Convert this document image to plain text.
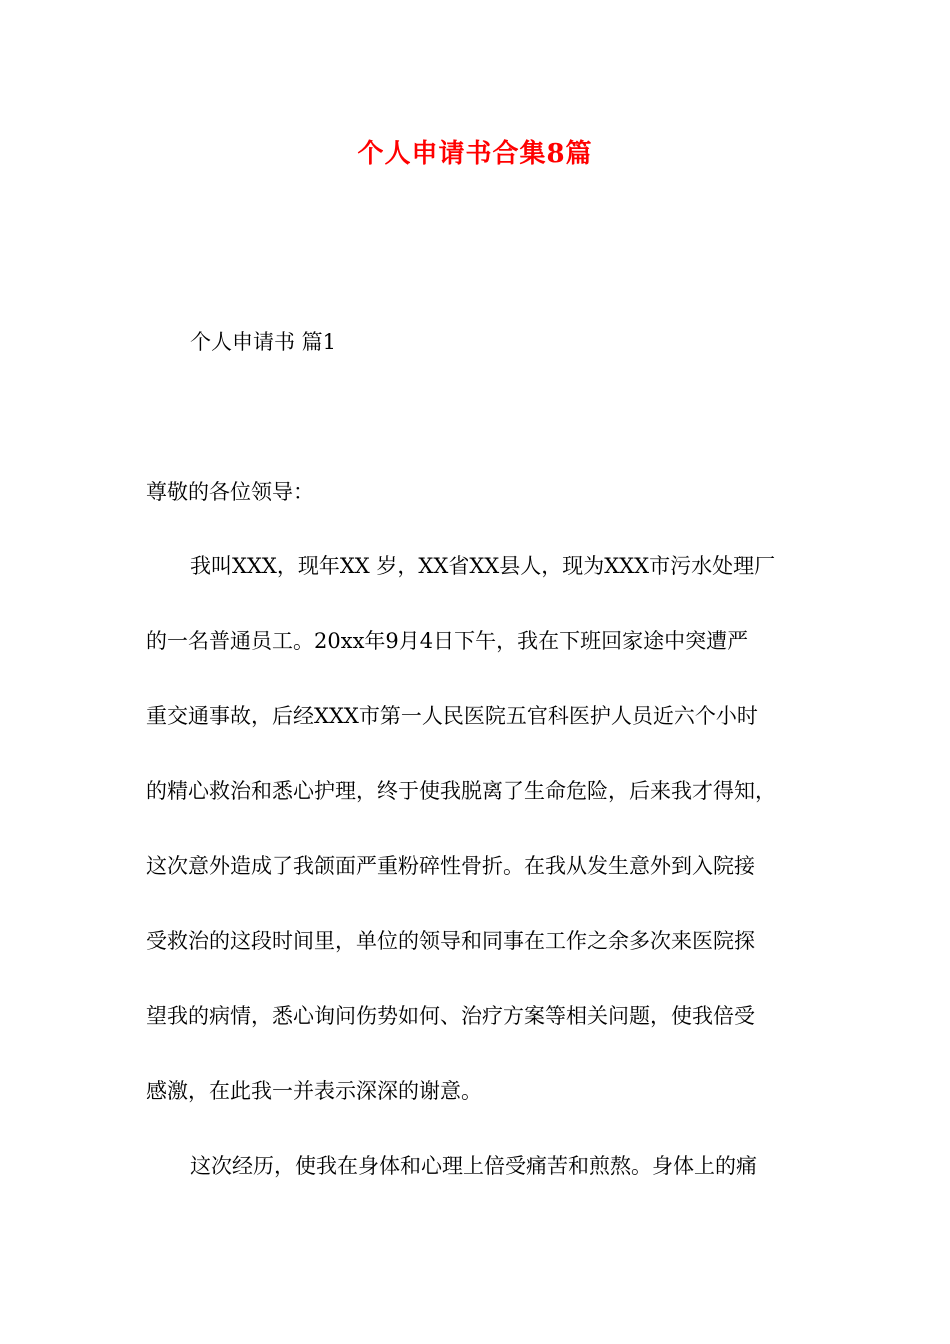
个人申请书合集8篇
个人申请书 篇1
尊敬的各位领导：
我叫XXX，现年XX 岁，XX省XX县人，现为XXX市污水处理厂
的一名普通员工。20xx年9月4日下午，我在下班回家途中突遭严
重交通事故，后经XXX市第一人民医院五官科医护人员近六个小时
的精心救治和悉心护理，终于使我脱离了生命危险，后来我才得知，
这次意外造成了我颌面严重粉碎性骨折。在我从发生意外到入院接
受救治的这段时间里，单位的领导和同事在工作之余多次来医院探
望我的病情，悉心询问伤势如何、治疗方案等相关问题，使我倍受
感激，在此我一并表示深深的谢意。
这次经历，使我在身体和心理上倍受痛苦和煎熬。身体上的痛
